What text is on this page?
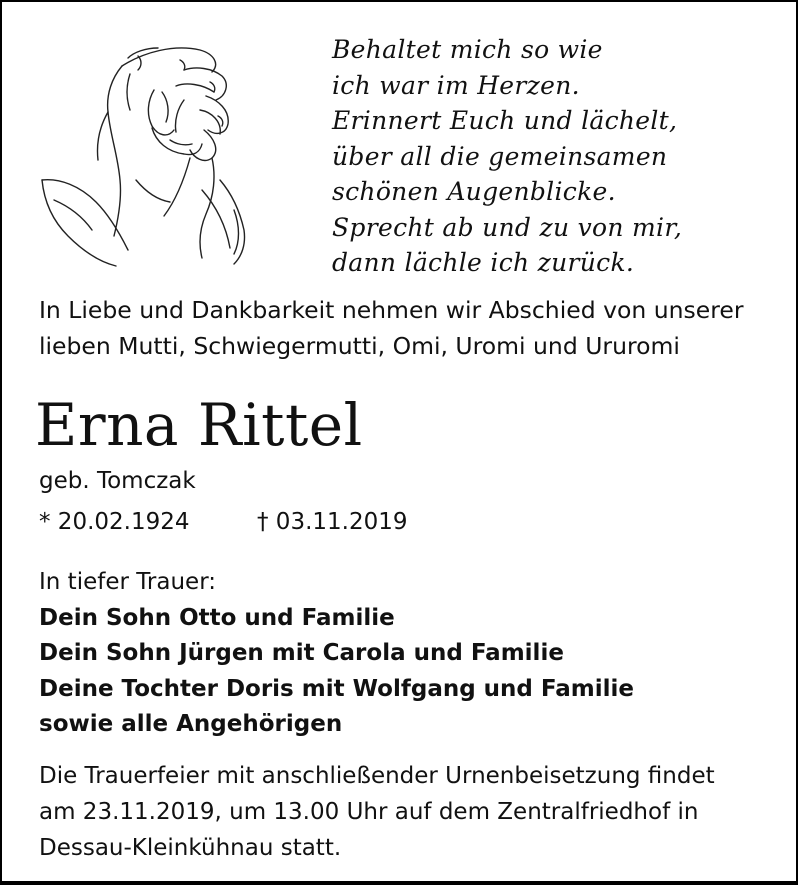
Behaltet mich so wie
ich war im Herzen.
Erinnert Euch und lächelt,
über all die gemeinsamen
schönen Augenblicke.
Sprecht ab und zu von mir,
dann lächle ich zurück.
In Liebe und Dankbarkeit nehmen wir Abschied von unserer
lieben Mutti, Schwiegermutti, Omi, Uromi und Ururomi
Erna Rittel
geb. Tomczak
* 20.02.1924	† 03.11.2019
In tiefer Trauer:
Dein Sohn Otto und Familie
Dein Sohn Jürgen mit Carola und Familie
Deine Tochter Doris mit Wolfgang und Familie
sowie alle Angehörigen
Die Trauerfeier mit anschließender Urnenbeisetzung findet
am 23.11.2019, um 13.00 Uhr auf dem Zentralfriedhof in
Dessau-Kleinkühnau statt.
